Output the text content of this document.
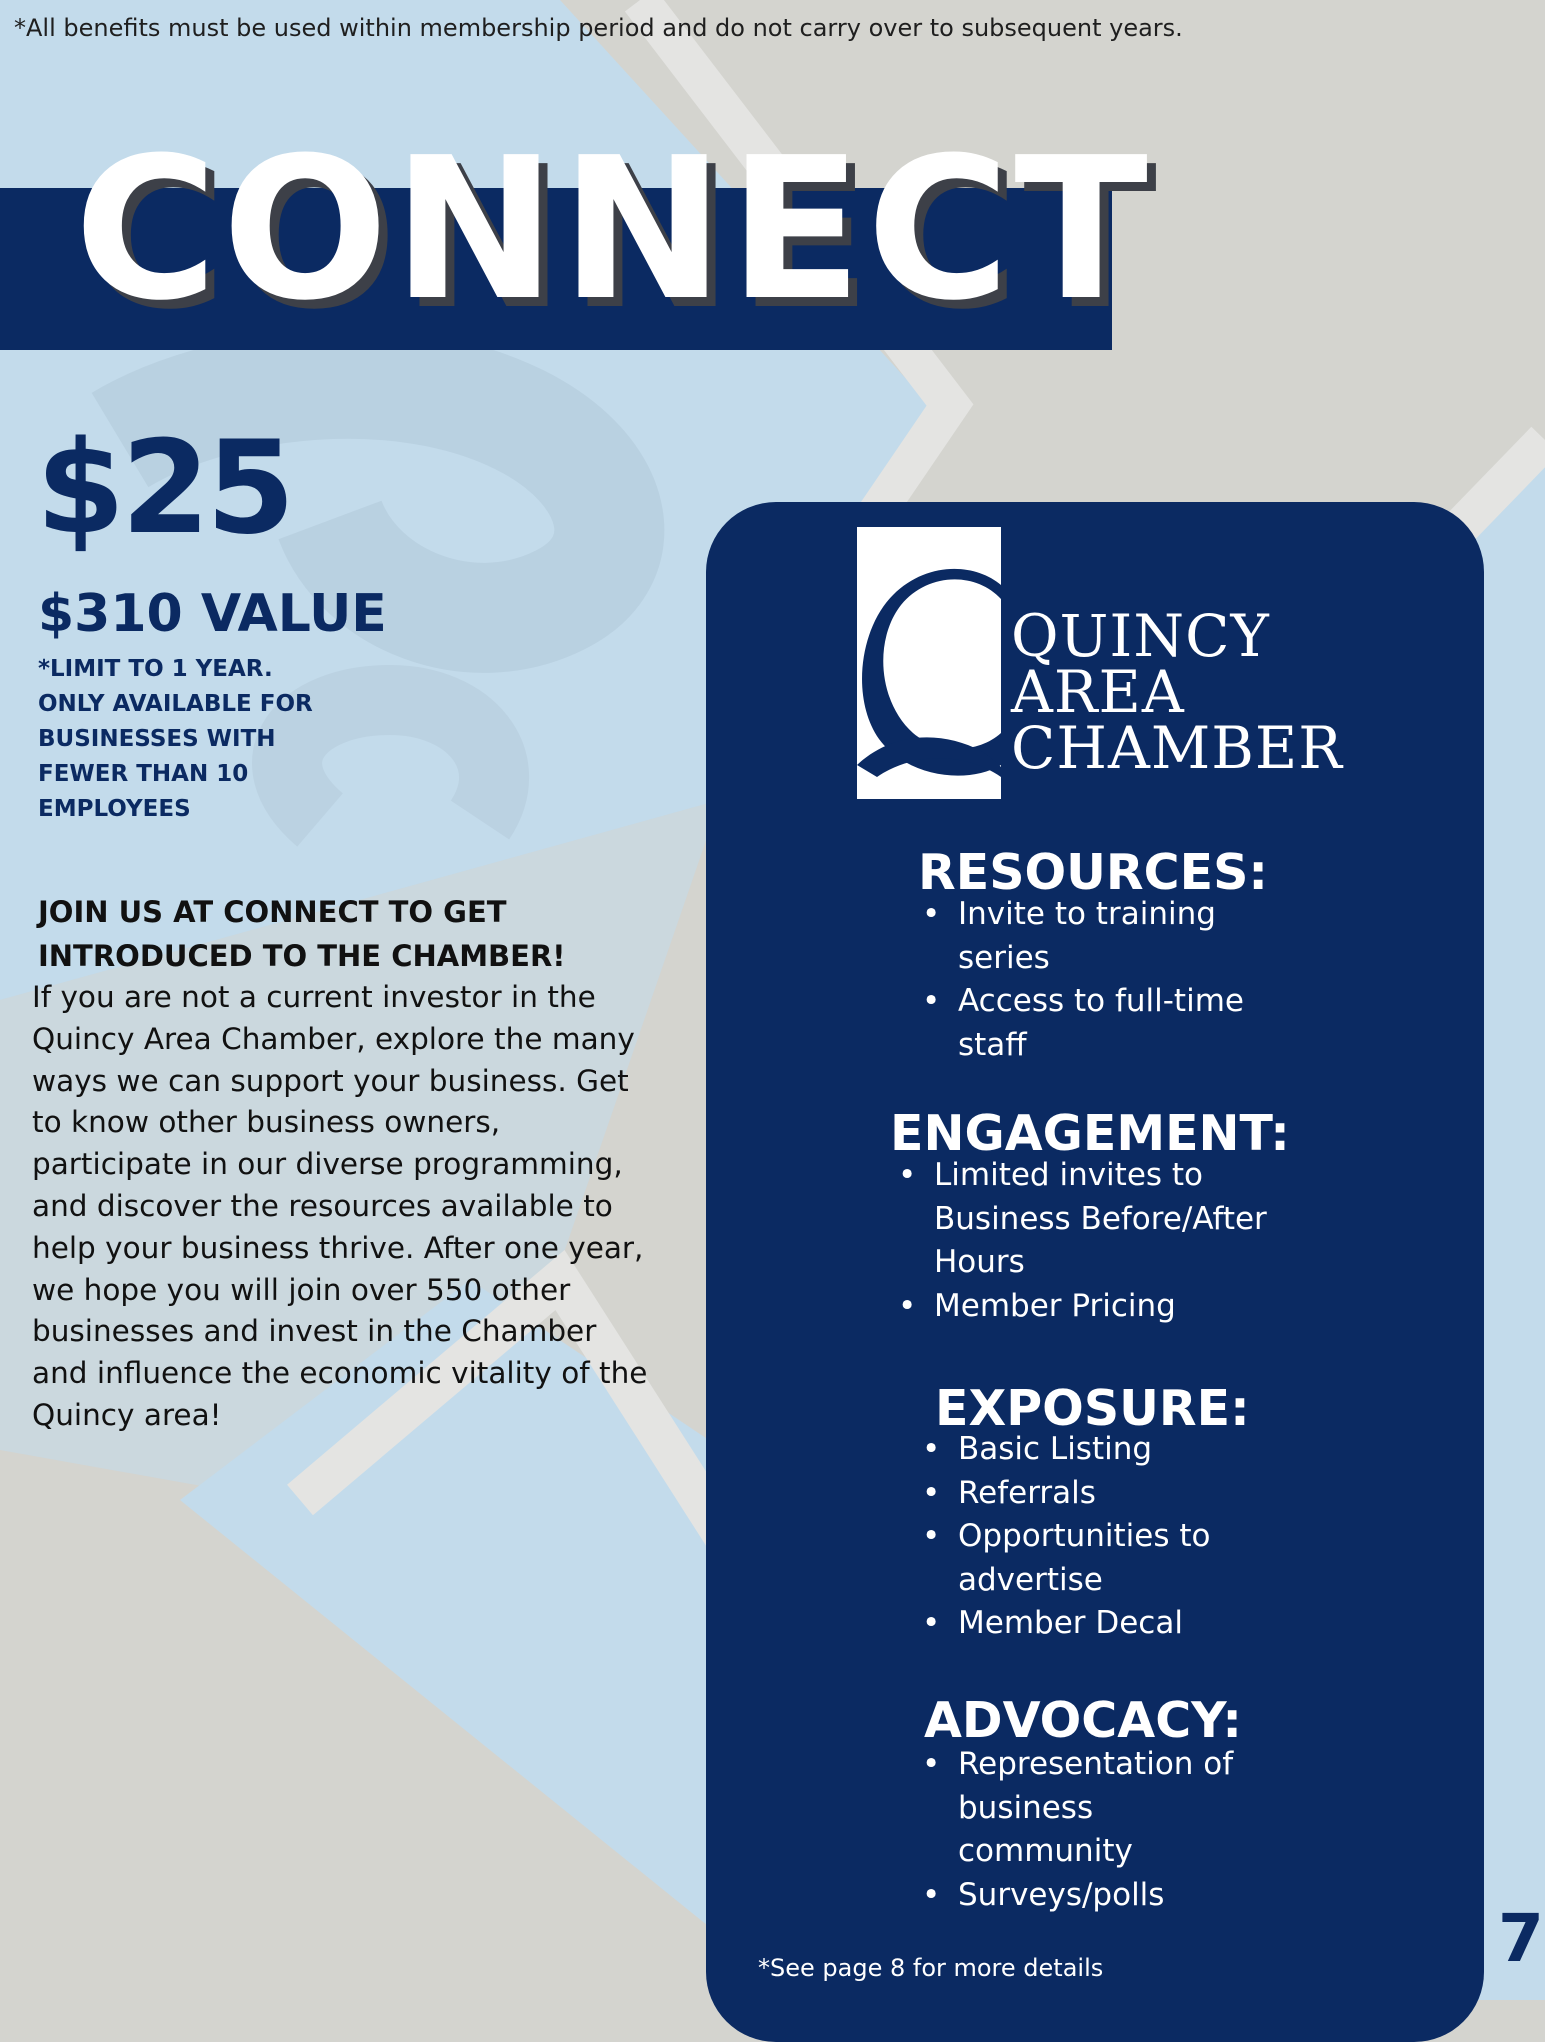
*All benefits must be used within membership period and do not carry over to subsequent years.
CONNECT
$25
$310 VALUE
*LIMIT TO 1 YEAR.
ONLY AVAILABLE FOR
BUSINESSES WITH
FEWER THAN 10
EMPLOYEES
JOIN US AT CONNECT TO GET
INTRODUCED TO THE CHAMBER!
If you are not a current investor in the
Quincy Area Chamber, explore the many
ways we can support your business. Get
to know other business owners,
participate in our diverse programming,
and discover the resources available to
help your business thrive. After one year,
we hope you will join over 550 other
businesses and invest in the Chamber
and influence the economic vitality of the
Quincy area!
QUINCY
AREA
CHAMBER
RESOURCES:
• Invite to training
series
• Access to full-time
staff
ENGAGEMENT:
• Limited invites to
Business Before/After
Hours
• Member Pricing
EXPOSURE:
• Basic Listing
• Referrals
• Opportunities to
advertise
• Member Decal
ADVOCACY:
• Representation of
business
community
• Surveys/polls
*See page 8 for more details	7
